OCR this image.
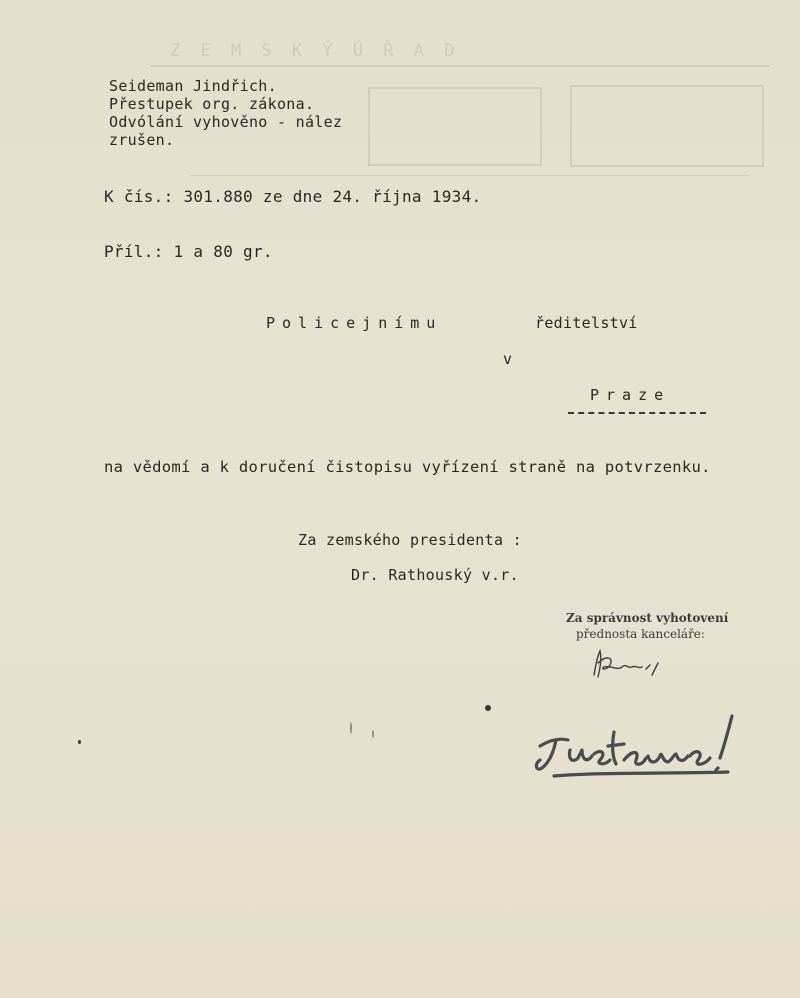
Z E M S K Ý Ú Ř A D
Seideman Jindřich.
Přestupek org. zákona.
Odvólání vyhověno - nález
zrušen.
K čís.: 301.880 ze dne 24. října 1934.
Příl.: 1 a 80 gr.
Policejnímu	ředitelství
v
Praze
na vědomí a k doručení čistopisu vyřízení straně na potvrzenku.
Za zemského presidenta :
Dr. Rathouský v.r.
Za správnost vyhotovení
přednosta kanceláře:
